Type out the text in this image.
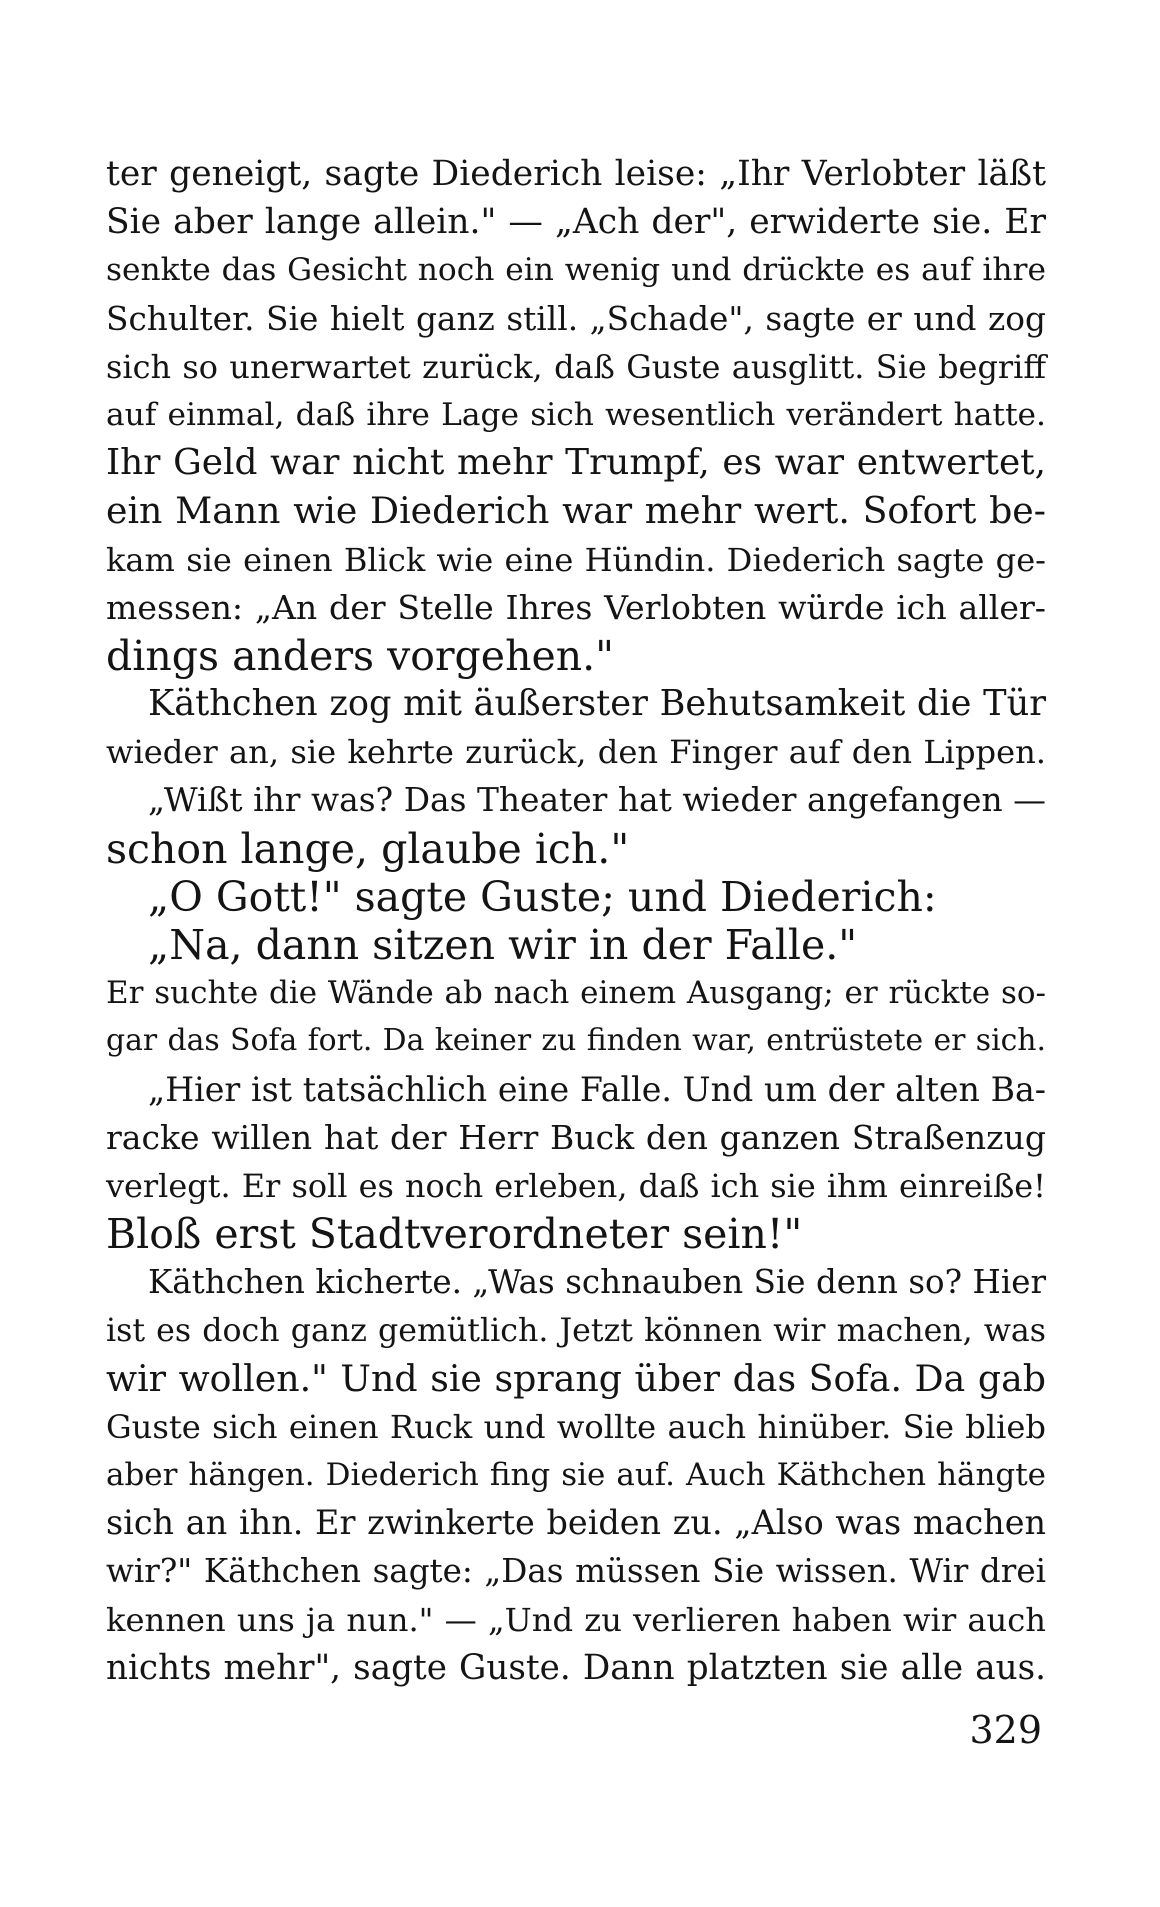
ter geneigt, sagte Diederich leise: „Ihr Verlobter läßt
Sie aber lange allein." — „Ach der", erwiderte sie. Er
senkte das Gesicht noch ein wenig und drückte es auf ihre
Schulter. Sie hielt ganz still. „Schade", sagte er und zog
sich so unerwartet zurück, daß Guste ausglitt. Sie begriff
auf einmal, daß ihre Lage sich wesentlich verändert hatte.
Ihr Geld war nicht mehr Trumpf, es war entwertet,
ein Mann wie Diederich war mehr wert. Sofort be-
kam sie einen Blick wie eine Hündin. Diederich sagte ge-
messen: „An der Stelle Ihres Verlobten würde ich aller-
dings anders vorgehen."
Käthchen zog mit äußerster Behutsamkeit die Tür
wieder an, sie kehrte zurück, den Finger auf den Lippen.
„Wißt ihr was? Das Theater hat wieder angefangen —
schon lange, glaube ich."
„O Gott!" sagte Guste; und Diederich:
„Na, dann sitzen wir in der Falle."
Er suchte die Wände ab nach einem Ausgang; er rückte so-
gar das Sofa fort. Da keiner zu finden war, entrüstete er sich.
„Hier ist tatsächlich eine Falle. Und um der alten Ba-
racke willen hat der Herr Buck den ganzen Straßenzug
verlegt. Er soll es noch erleben, daß ich sie ihm einreiße!
Bloß erst Stadtverordneter sein!"
Käthchen kicherte. „Was schnauben Sie denn so? Hier
ist es doch ganz gemütlich. Jetzt können wir machen, was
wir wollen." Und sie sprang über das Sofa. Da gab
Guste sich einen Ruck und wollte auch hinüber. Sie blieb
aber hängen. Diederich fing sie auf. Auch Käthchen hängte
sich an ihn. Er zwinkerte beiden zu. „Also was machen
wir?" Käthchen sagte: „Das müssen Sie wissen. Wir drei
kennen uns ja nun." — „Und zu verlieren haben wir auch
nichts mehr", sagte Guste. Dann platzten sie alle aus.
329
